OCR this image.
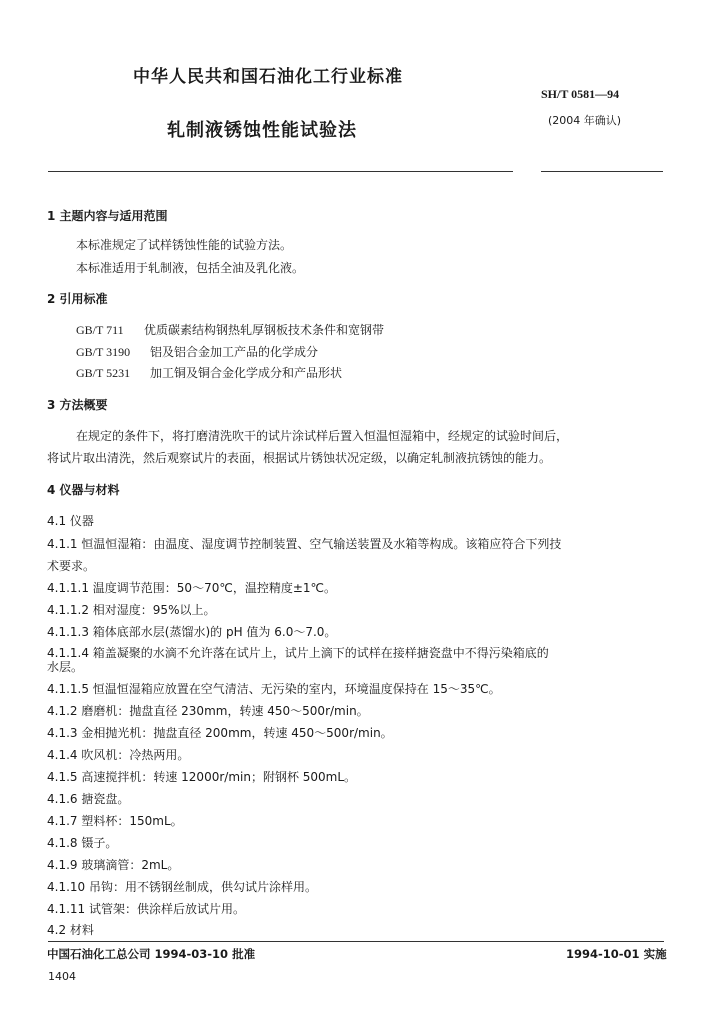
中华人民共和国石油化工行业标准
SH/T 0581—94
轧制液锈蚀性能试验法	(2004 年确认)
1 主题内容与适用范围
本标准规定了试样锈蚀性能的试验方法。
本标准适用于轧制液，包括全油及乳化液。
2 引用标准
GB/T 711 优质碳素结构钢热轧厚钢板技术条件和宽钢带
GB/T 3190 铝及铝合金加工产品的化学成分
GB/T 5231 加工铜及铜合金化学成分和产品形状
3 方法概要
在规定的条件下，将打磨清洗吹干的试片涂试样后置入恒温恒湿箱中，经规定的试验时间后，
将试片取出清洗，然后观察试片的表面，根据试片锈蚀状况定级，以确定轧制液抗锈蚀的能力。
4 仪器与材料
4.1 仪器
4.1.1 恒温恒湿箱：由温度、湿度调节控制装置、空气输送装置及水箱等构成。该箱应符合下列技
术要求。
4.1.1.1 温度调节范围：50～70℃，温控精度±1℃。
4.1.1.2 相对湿度：95%以上。
4.1.1.3 箱体底部水层(蒸馏水)的 pH 值为 6.0～7.0。
4.1.1.4 箱盖凝聚的水滴不允许落在试片上，试片上滴下的试样在接样搪瓷盘中不得污染箱底的
水层。
4.1.1.5 恒温恒湿箱应放置在空气清洁、无污染的室内，环境温度保持在 15～35℃。
4.1.2 磨磨机：抛盘直径 230mm，转速 450～500r/min。
4.1.3 金相抛光机：抛盘直径 200mm，转速 450～500r/min。
4.1.4 吹风机：冷热两用。
4.1.5 高速搅拌机：转速 12000r/min；附钢杯 500mL。
4.1.6 搪瓷盘。
4.1.7 塑料杯：150mL。
4.1.8 镊子。
4.1.9 玻璃滴管：2mL。
4.1.10 吊钩：用不锈钢丝制成，供勾试片涂样用。
4.1.11 试管架：供涂样后放试片用。
4.2 材料
中国石油化工总公司 1994-03-10 批准	1994-10-01 实施
1404
